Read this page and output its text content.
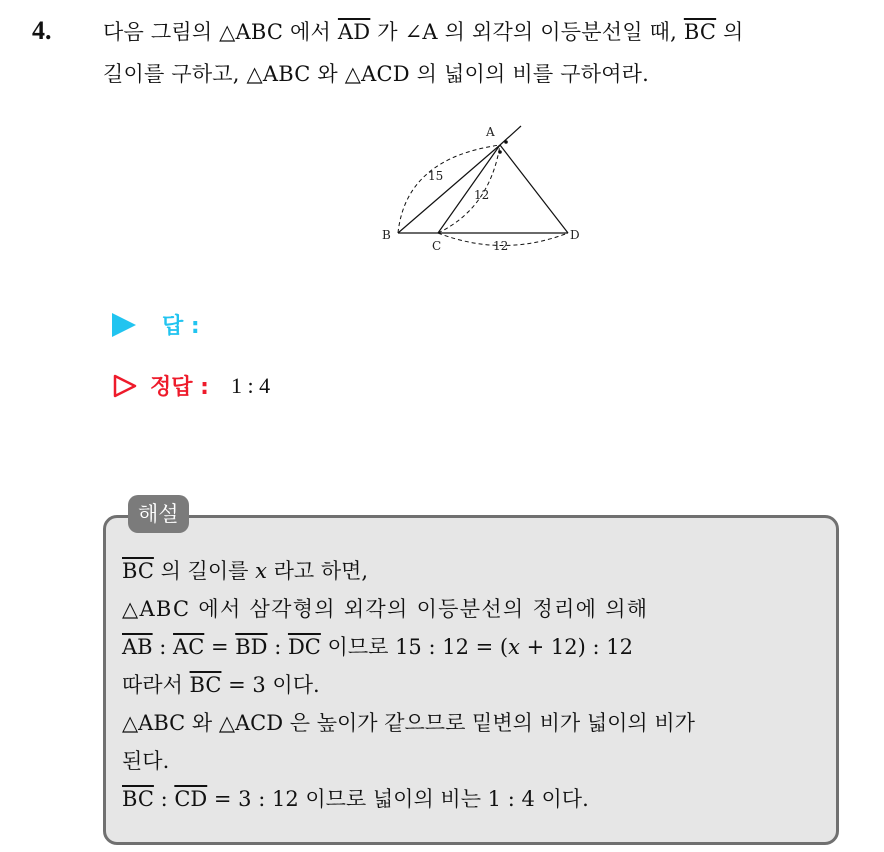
4. 다음 그림의 △ABC 에서 $\overline{AD}$ 가 ∠A 의 외각의 이등분선일 때, $\overline{BC}$ 의
길이를 구하고, △ABC 와 △ACD 의 넓이의 비를 구하여라.
A
B
C
D
15
12
12
답 :
정답 : 1 : 4
해설
$\overline{BC}$ 의 길이를 x 라고 하면,
△ABC 에서 삼각형의 외각의 이등분선의 정리에 의해
$\overline{AB}$ : $\overline{AC} = \overline{BD}$ : $\overline{DC}$ 이므로 15 : 12 = (x + 12) : 12
따라서 $\overline{BC} = 3$ 이다.
△ABC 와 △ACD 은 높이가 같으므로 밑변의 비가 넓이의 비가
된다.
$\overline{BC}$ : $\overline{CD} = 3$ : 12 이므로 넓이의 비는 1 : 4 이다.
